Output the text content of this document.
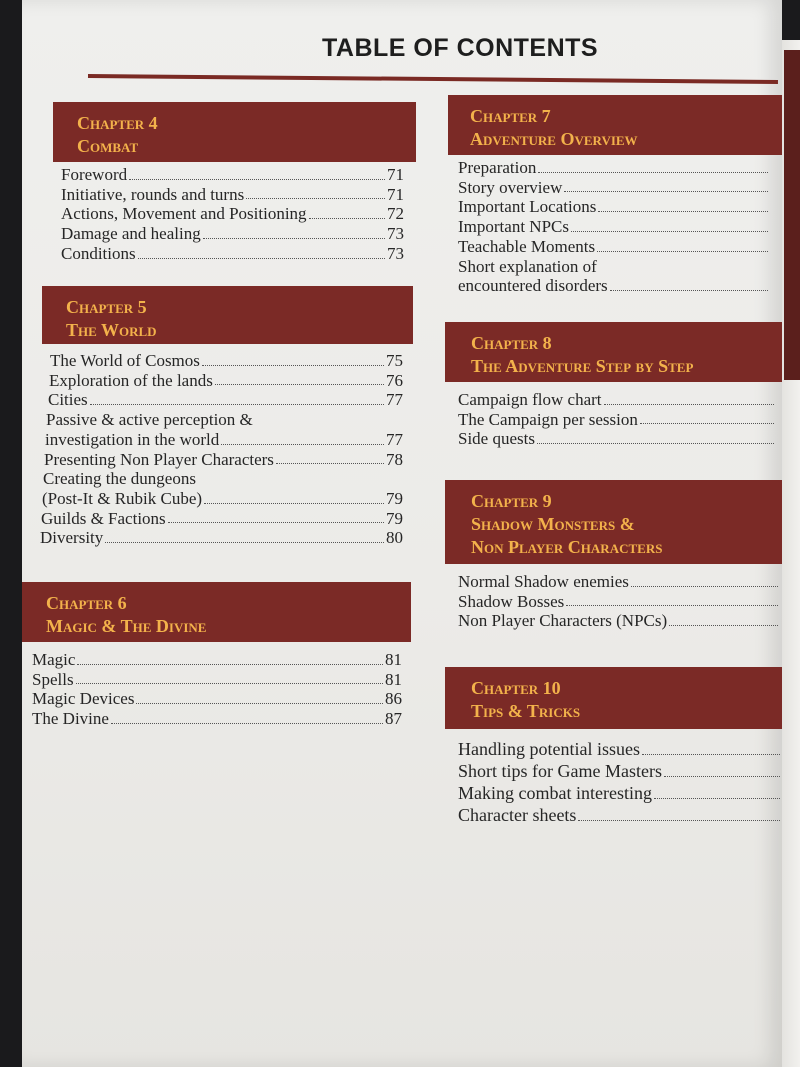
TABLE OF CONTENTS
Chapter 4
Combat
Foreword	71
Initiative, rounds and turns	71
Actions, Movement and Positioning	72
Damage and healing	73
Conditions	73
Chapter 5
The World
The World of Cosmos	75
Exploration of the lands	76
Cities	77
Passive & active perception &
investigation in the world	77
Presenting Non Player Characters	78
Creating the dungeons
(Post-It & Rubik Cube)	79
Guilds & Factions	79
Diversity	80
Chapter 6
Magic & The Divine
Magic	81
Spells	81
Magic Devices	86
The Divine	87
Chapter 7
Adventure Overview
Preparation
Story overview
Important Locations
Important NPCs
Teachable Moments
Short explanation of
encountered disorders
Chapter 8
The Adventure Step by Step
Campaign flow chart
The Campaign per session
Side quests
Chapter 9
Shadow Monsters &
Non Player Characters
Normal Shadow enemies
Shadow Bosses
Non Player Characters (NPCs)
Chapter 10
Tips & Tricks
Handling potential issues
Short tips for Game Masters
Making combat interesting
Character sheets
